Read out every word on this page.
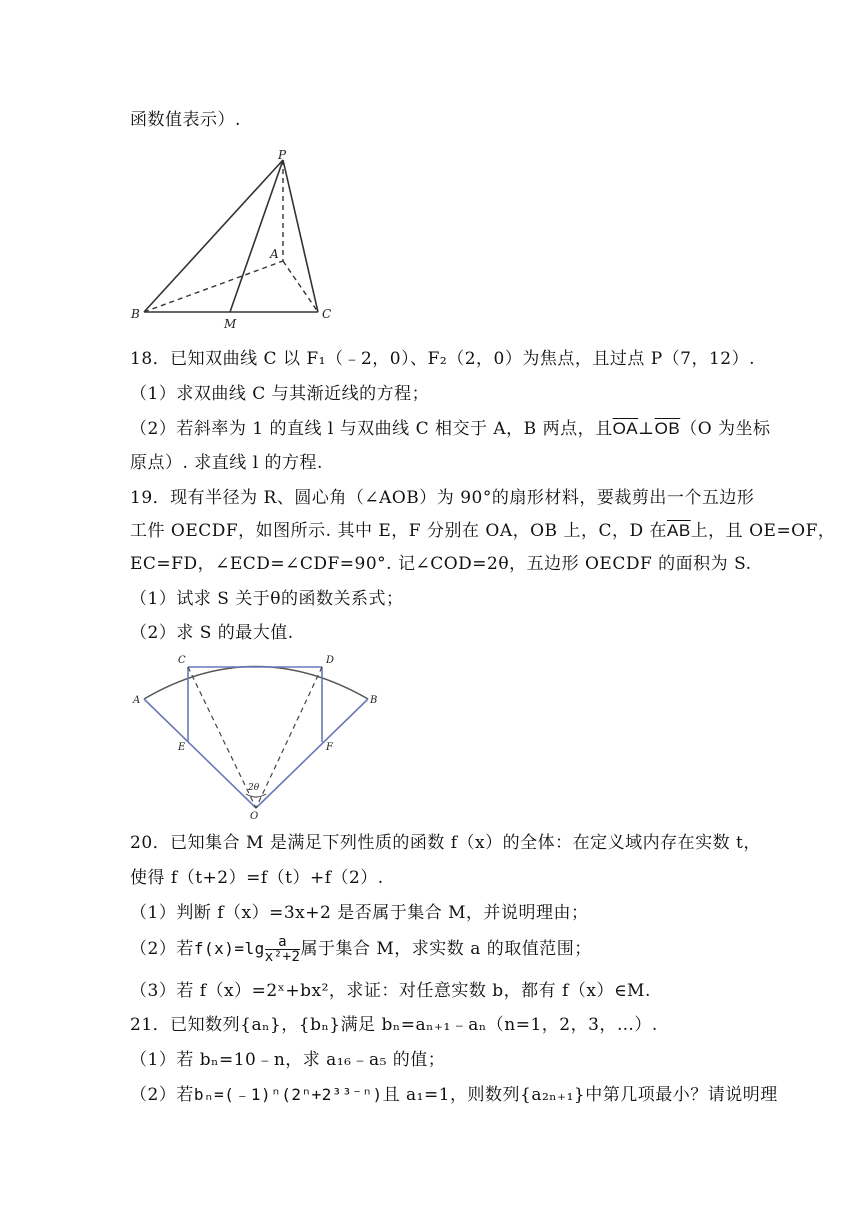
函数值表示）.
P
A
B
M
C
18．已知双曲线 C 以 F₁（﹣2，0）、F₂（2，0）为焦点，且过点 P（7，12）.
（1）求双曲线 C 与其渐近线的方程；
（2）若斜率为 1 的直线 l 与双曲线 C 相交于 A，B 两点，且$\overline{OA}\perp\overline{OB}(O$ 为坐标
原点）. 求直线 l 的方程.
19．现有半径为 R、圆心角（∠AOB）为 90°的扇形材料，要裁剪出一个五边形
工件 OECDF，如图所示. 其中 E，F 分别在 OA，OB 上，C，D 在$\overline{AB}$上，且 OE=OF，
EC=FD，∠ECD=∠CDF=90°. 记∠COD=2θ，五边形 OECDF 的面积为 S.
（1）试求 S 关于θ的函数关系式；
（2）求 S 的最大值.
C	D
A	B
E	F
O
2θ
20．已知集合 M 是满足下列性质的函数 f（x）的全体：在定义域内存在实数 t，
使得 f（t+2）=f（t）+f（2）.
（1）判断 f（x）=3x+2 是否属于集合 M，并说明理由；
（2）若$f(x)=\lg \frac{a}{\text{x²+2}}$ 属于集合 M，求实数 a 的取值范围；
（3）若 f（x）=2ˣ+bx²，求证：对任意实数 b，都有 f（x）∈M.
21．已知数列{aₙ}，{bₙ}满足 bₙ=aₙ₊₁﹣aₙ（n=1，2，3，…）.
（1）若 bₙ=10﹣n，求 a₁₆﹣a₅ 的值；
（2）若bₙ=(﹣1)ⁿ(2ⁿ+2³³⁻ⁿ)且 a₁=1，则数列{a₂ₙ₊₁}中第几项最小？请说明理
